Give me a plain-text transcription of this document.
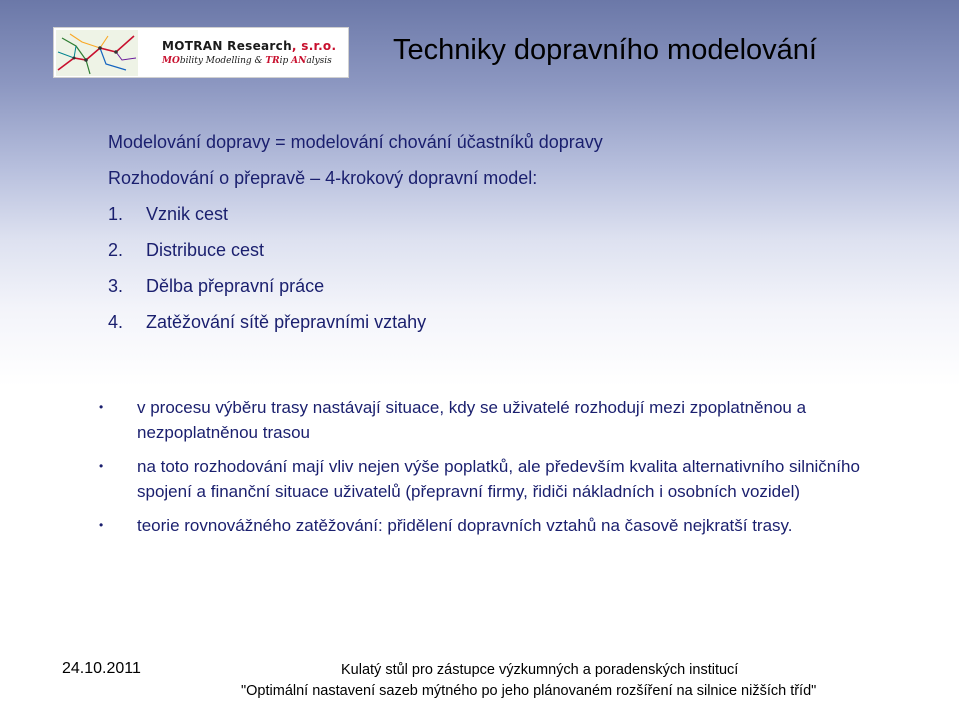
MOTRAN Research, s.r.o.
MObility Modelling & TRip ANalysis Techniky dopravního modelování
Modelování dopravy = modelování chování účastníků dopravy
Rozhodování o přepravě – 4-krokový dopravní model:
1. Vznik cest
2. Distribuce cest
3. Dělba přepravní práce
4. Zatěžování sítě přepravními vztahy
• v procesu výběru trasy nastávají situace, kdy se uživatelé rozhodují mezi zpoplatněnou a nezpoplatněnou trasou
• na toto rozhodování mají vliv nejen výše poplatků, ale především kvalita alternativního silničního spojení a finanční situace uživatelů (přepravní firmy, řidiči nákladních i osobních vozidel)
• teorie rovnovážného zatěžování: přidělení dopravních vztahů na časově nejkratší trasy.
24.10.2011	Kulatý stůl pro zástupce výzkumných a poradenských institucí
"Optimální nastavení sazeb mýtného po jeho plánovaném rozšíření na silnice nižších tříd"
